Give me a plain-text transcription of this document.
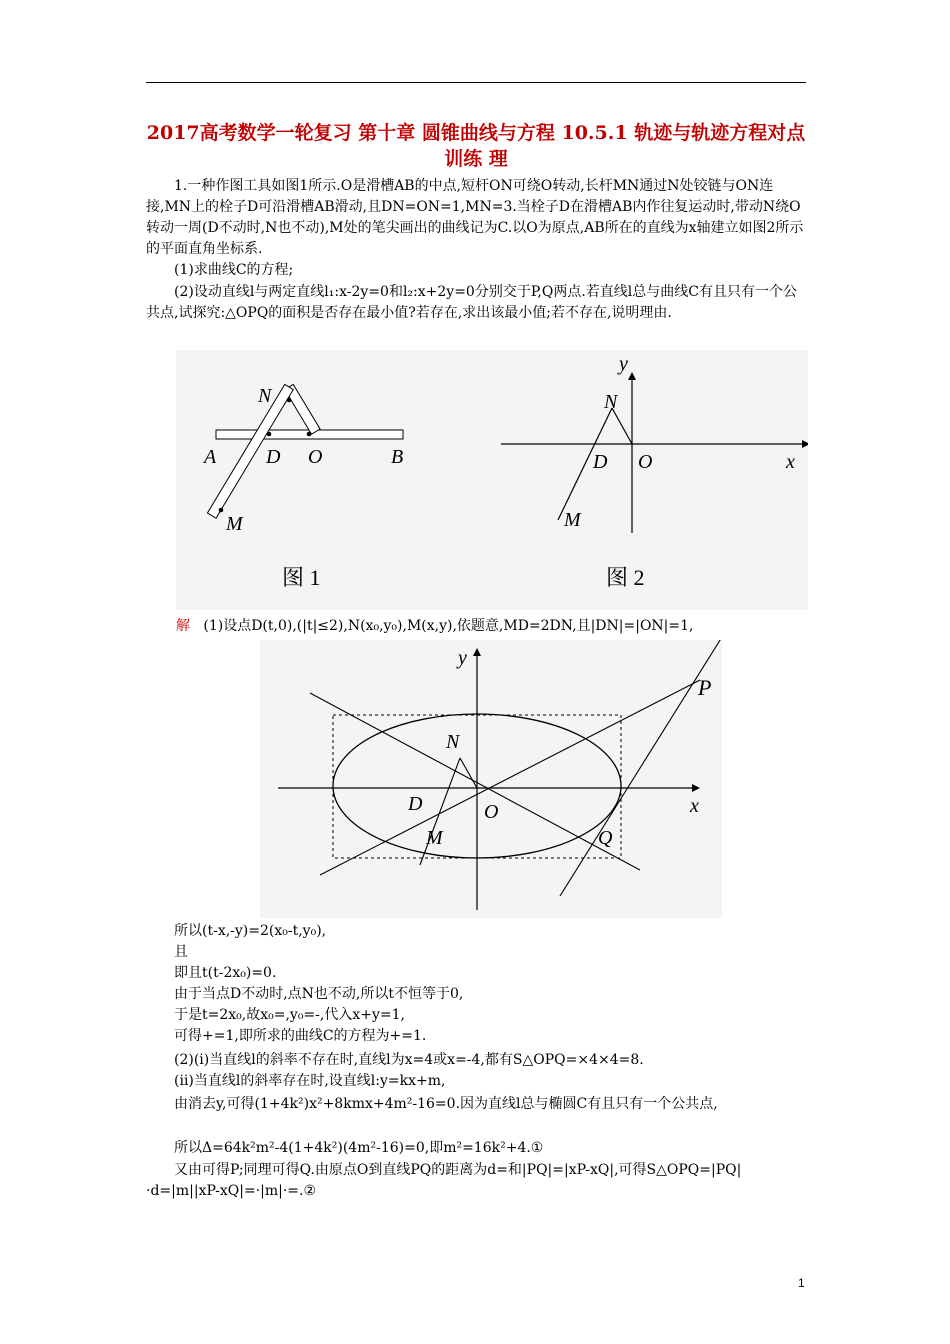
2017高考数学一轮复习 第十章 圆锥曲线与方程 10.5.1 轨迹与轨迹方程对点训练 理

1.一种作图工具如图1所示.O是滑槽AB的中点,短杆ON可绕O转动,长杆MN通过N处铰链与ON连接,MN上的栓子D可沿滑槽AB滑动,且DN=ON=1,MN=3.当栓子D在滑槽AB内作往复运动时,带动N绕O转动一周(D不动时,N也不动),M处的笔尖画出的曲线记为C.以O为原点,AB所在的直线为x轴建立如图2所示的平面直角坐标系.

(1)求曲线C的方程;

(2)设动直线l与两定直线l₁:x-2y=0和l₂:x+2y=0分别交于P,Q两点.若直线l总与曲线C有且只有一个公共点,试探究:△OPQ的面积是否存在最小值?若存在,求出该最小值;若不存在,说明理由.

N
A D O	B
M
图 1
y
N
D O	x
M
图 2

解 (1)设点D(t,0),(|t|≤2),N(x₀,y₀),M(x,y),依题意,MD=2DN,且|DN|=|ON|=1,

y
P
N
D	O	x
M	Q

所以(t-x,-y)=2(x₀-t,y₀),

且

即且t(t-2x₀)=0.

由于当点D不动时,点N也不动,所以t不恒等于0,

于是t=2x₀,故x₀=,y₀=-,代入x+y=1,

可得+=1,即所求的曲线C的方程为+=1.

(2)(ⅰ)当直线l的斜率不存在时,直线l为x=4或x=-4,都有S△OPQ=×4×4=8.

(ⅱ)当直线l的斜率存在时,设直线l:y=kx+m,

由消去y,可得(1+4k²)x²+8kmx+4m²-16=0.因为直线l总与椭圆C有且只有一个公共点,

所以Δ=64k²m²-4(1+4k²)(4m²-16)=0,即m²=16k²+4.①

又由可得P;同理可得Q.由原点O到直线PQ的距离为d=和|PQ|=|xP-xQ|,可得S△OPQ=|PQ|·d=|m||xP-xQ|=·|m|·=.②

1
